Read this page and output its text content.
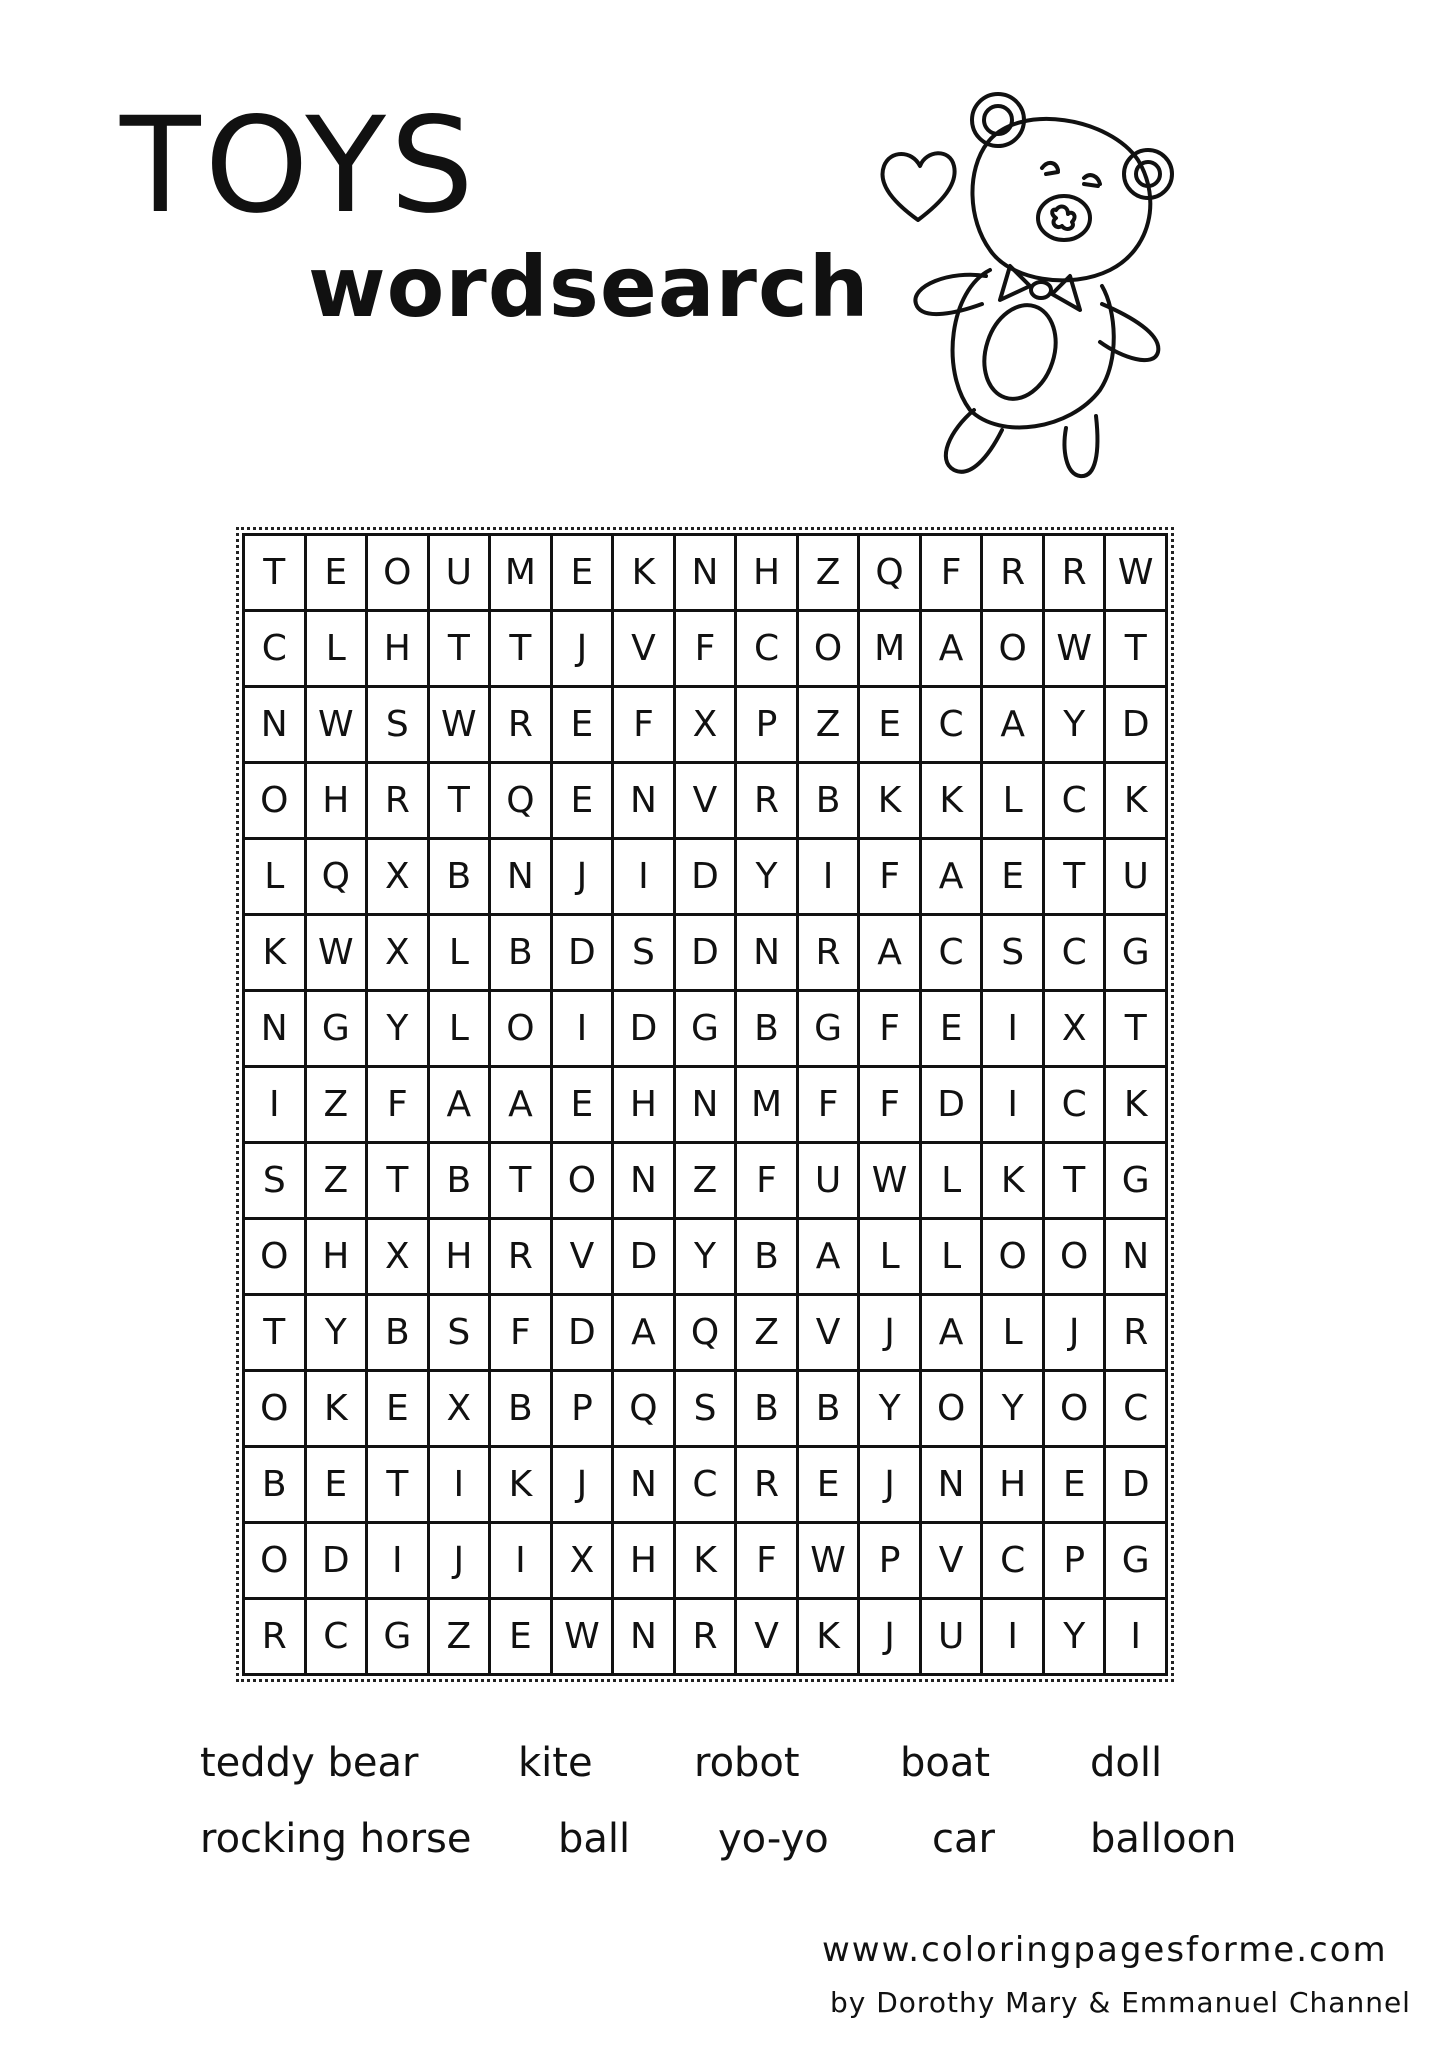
TOYS
wordsearch
T	E O U M E	K	N H Z Q	F	R	R W
C	L	H	T	T	J	V	F	C O M A O W T
N W S W R	E	F	X	P	Z	E	C	A	Y	D
O H R	T	Q E	N V	R	B	K	K	L	C	K
L	Q X	B N	J	I	D	Y	I	F	A	E	T	U
K W X	L	B D	S	D N R	A	C	S	C G
N G	Y	L	O	I	D G B G	F	E	I	X	T
I	Z	F	A	A	E	H N M F	F	D	I	C	K
S	Z	T	B	T	O N Z	F	U W L	K	T	G
O H X H R	V D	Y	B	A	L	L	O O N
T	Y	B	S	F	D A Q Z	V	J	A	L	J	R
O K	E	X	B	P	Q S	B	B	Y	O	Y	O C
B	E	T	I	K	J	N C	R	E	J	N H	E	D
O D	I	J	I	X H	K	F W P	V	C	P	G
R	C G Z	E W N R	V	K	J	U	I	Y	I
teddy bear kite	robot	boat doll
rocking horse ball yo-yo	car balloon
www.coloringpagesforme.com
by Dorothy Mary & Emmanuel Channel
